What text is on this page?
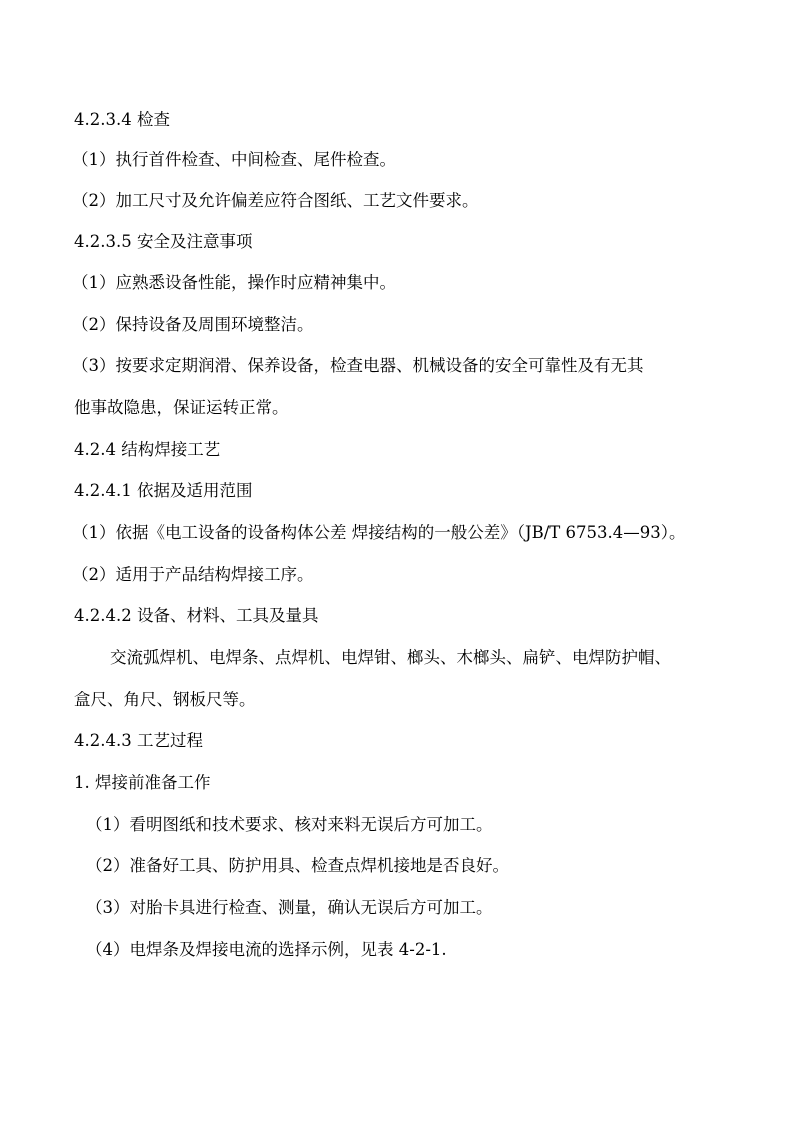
4.2.3.4 检查
（1）执行首件检查、中间检查、尾件检查。
（2）加工尺寸及允许偏差应符合图纸、工艺文件要求。
4.2.3.5 安全及注意事项
（1）应熟悉设备性能，操作时应精神集中。
（2）保持设备及周围环境整洁。
（3）按要求定期润滑、保养设备，检查电器、机械设备的安全可靠性及有无其
他事故隐患，保证运转正常。
4.2.4 结构焊接工艺
4.2.4.1 依据及适用范围
（1）依据《电工设备的设备构体公差 焊接结构的一般公差》（JB/T 6753.4—93）。
（2）适用于产品结构焊接工序。
4.2.4.2 设备、材料、工具及量具
交流弧焊机、电焊条、点焊机、电焊钳、榔头、木榔头、扁铲、电焊防护帽、
盒尺、角尺、钢板尺等。
4.2.4.3 工艺过程
1. 焊接前准备工作
（1）看明图纸和技术要求、核对来料无误后方可加工。
（2）准备好工具、防护用具、检查点焊机接地是否良好。
（3）对胎卡具进行检查、测量，确认无误后方可加工。
（4）电焊条及焊接电流的选择示例，见表 4-2-1.
